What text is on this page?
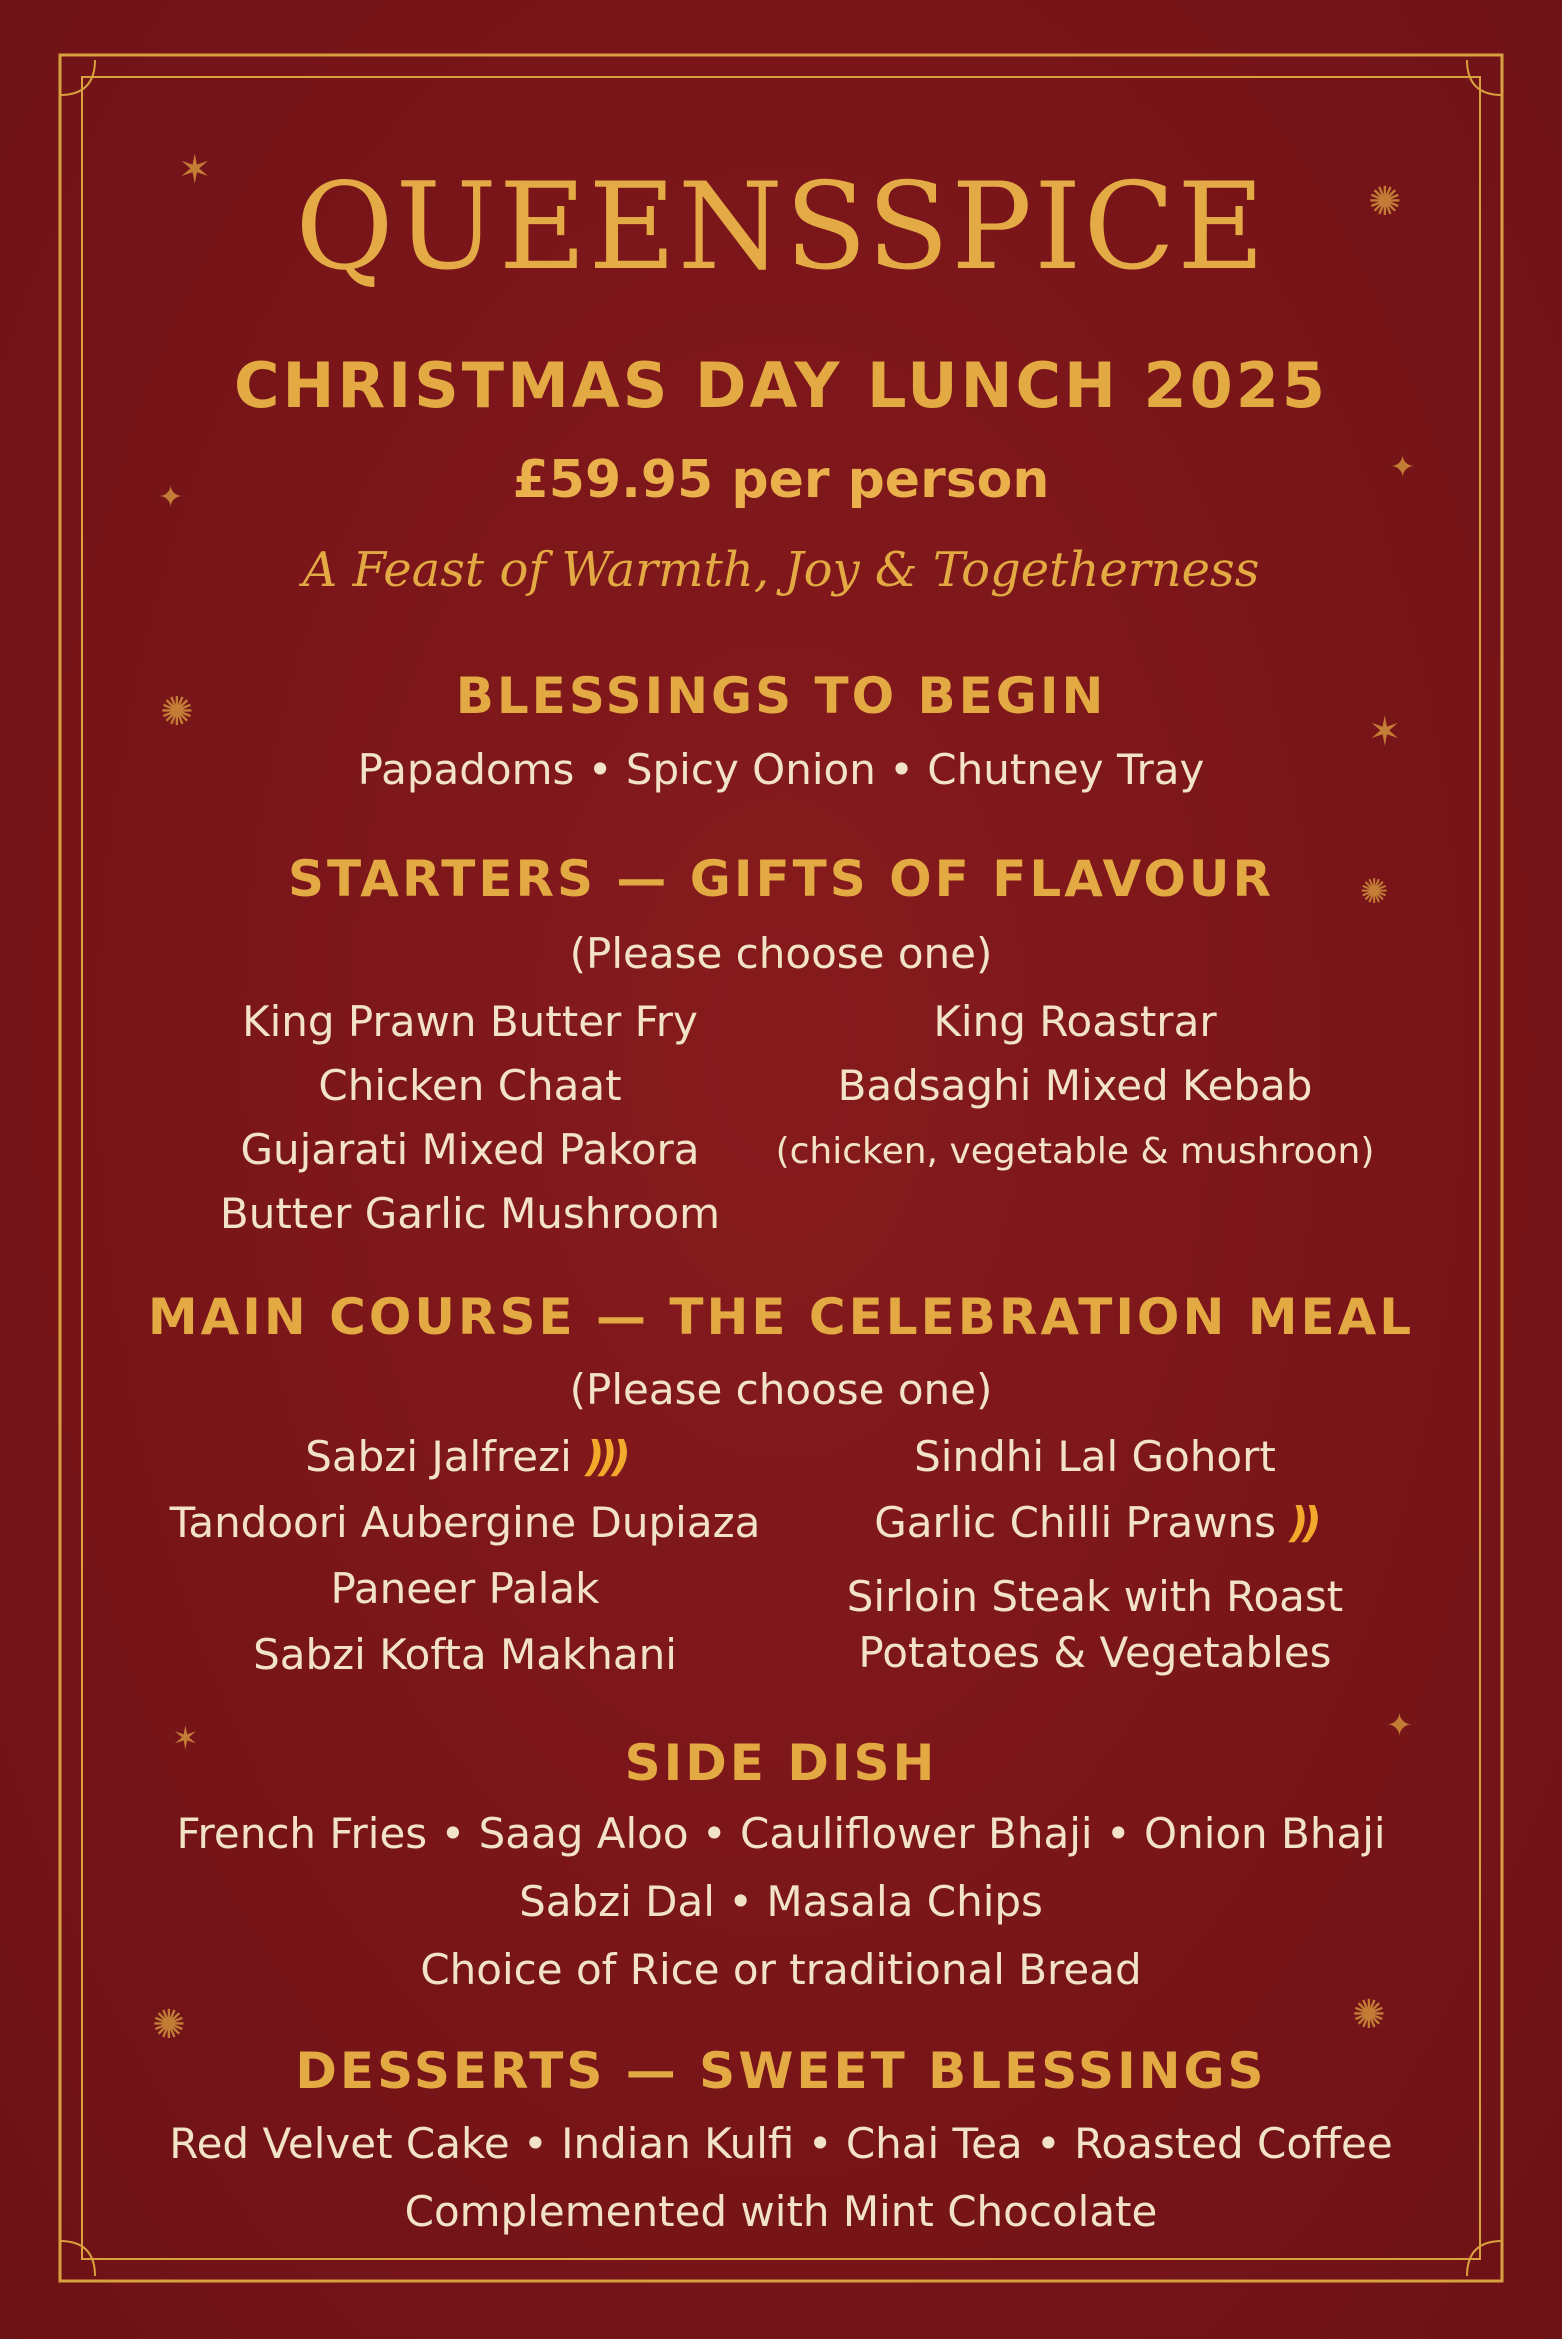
✶
✺
✦
✦
✺	✶
✺
✶	✦
✺	✺
QUEENSSPICE
CHRISTMAS DAY LUNCH 2025
£59.95 per person
A Feast of Warmth, Joy & Togetherness
BLESSINGS TO BEGIN
Papadoms • Spicy Onion • Chutney Tray
STARTERS — GIFTS OF FLAVOUR
(Please choose one)
King Prawn Butter Fry
Chicken Chaat
Gujarati Mixed Pakora
Butter Garlic Mushroom
King Roastrar
Badsaghi Mixed Kebab
(chicken, vegetable & mushroon)
MAIN COURSE — THE CELEBRATION MEAL
(Please choose one)
Sabzi Jalfrezi )))
Tandoori Aubergine Dupiaza
Paneer Palak
Sabzi Kofta Makhani
Sindhi Lal Gohort
Garlic Chilli Prawns ))
Sirloin Steak with Roast
Potatoes & Vegetables
SIDE DISH
French Fries • Saag Aloo • Cauliflower Bhaji • Onion Bhaji
Sabzi Dal • Masala Chips
Choice of Rice or traditional Bread
DESSERTS — SWEET BLESSINGS
Red Velvet Cake • Indian Kulfi • Chai Tea • Roasted Coffee
Complemented with Mint Chocolate
